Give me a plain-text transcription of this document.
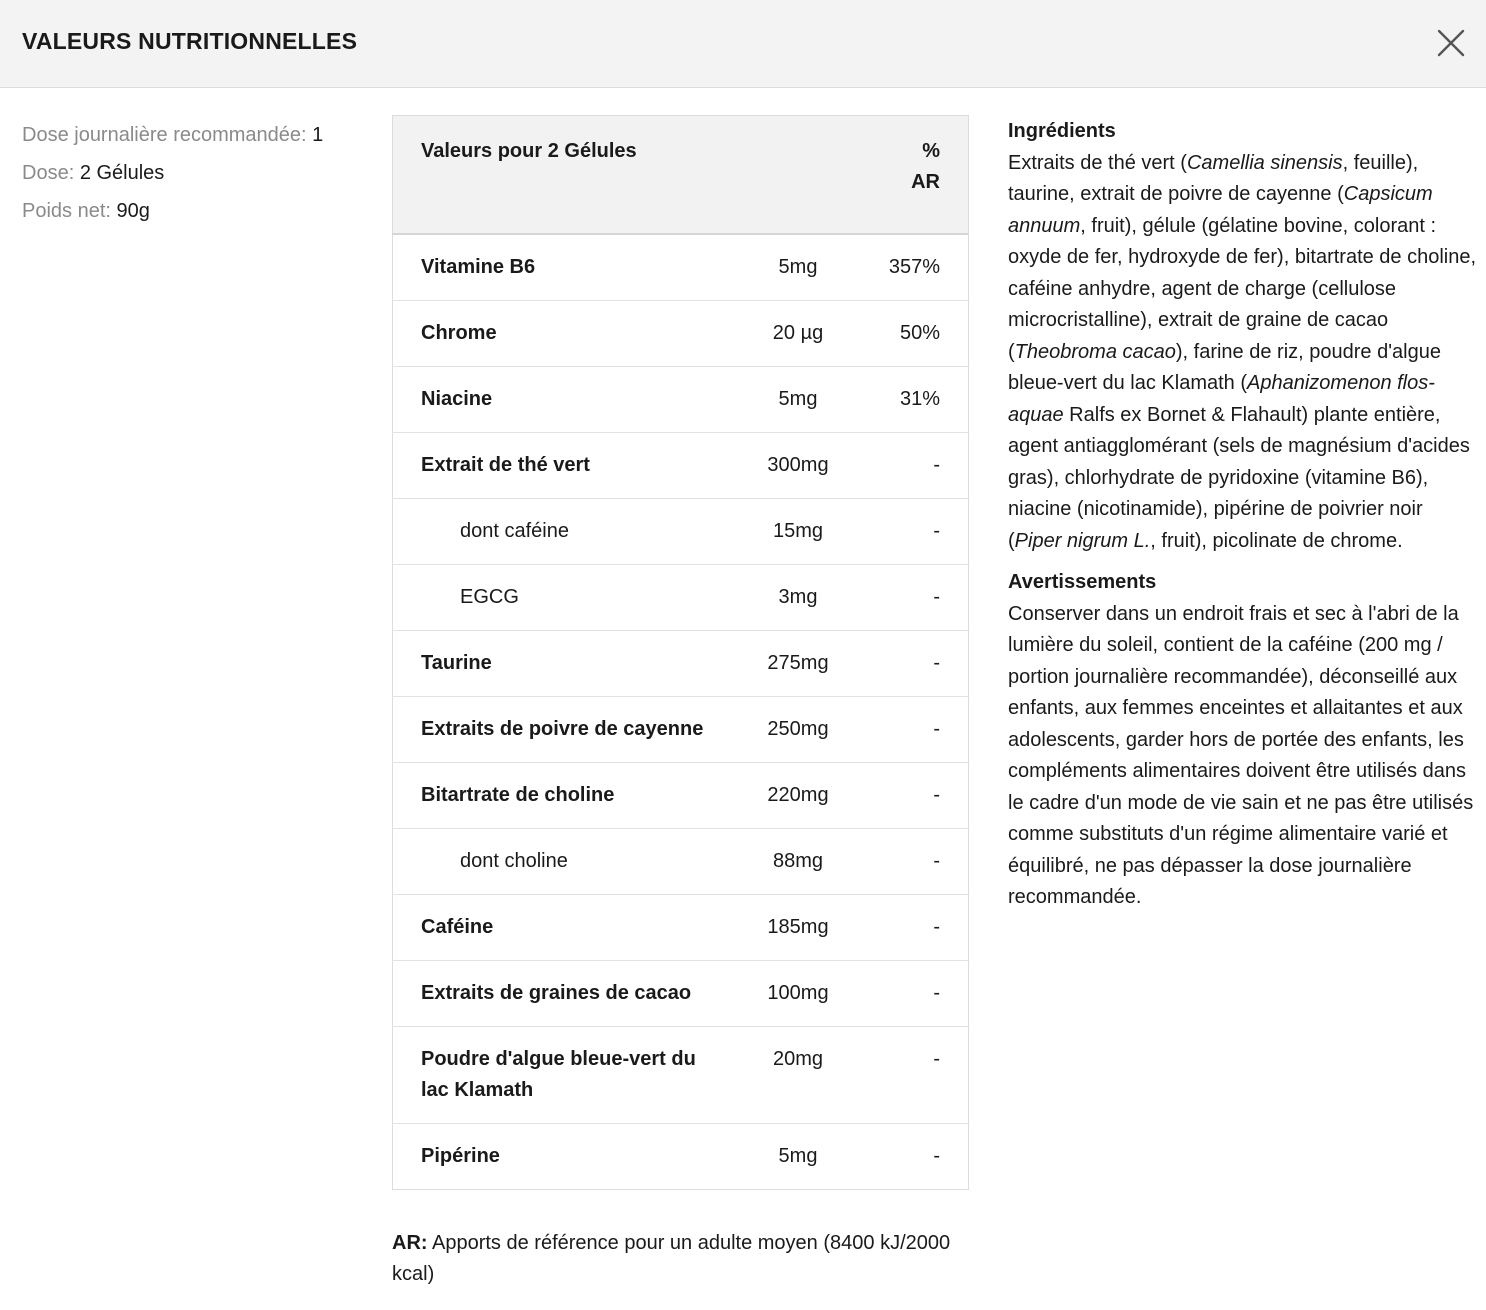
VALEURS NUTRITIONNELLES
Dose journalière recommandée: 1
Dose: 2 Gélules
Poids net: 90g
Valeurs pour 2 Gélules		%
AR
Vitamine B6	5mg	357%
Chrome	20 µg	50%
Niacine	5mg	31%
Extrait de thé vert	300mg	-
dont caféine	15mg	-
EGCG	3mg	-
Taurine	275mg	-
Extraits de poivre de cayenne	250mg	-
Bitartrate de choline	220mg	-
dont choline	88mg	-
Caféine	185mg	-
Extraits de graines de cacao	100mg	-
Poudre d'algue bleue-vert du lac Klamath	20mg	-
Pipérine	5mg	-
AR: Apports de référence pour un adulte moyen (8400 kJ/2000 kcal)
Ingrédients

Extraits de thé vert (Camellia sinensis, feuille), taurine, extrait de poivre de cayenne (Capsicum annuum, fruit), gélule (gélatine bovine, colorant : oxyde de fer, hydroxyde de fer), bitartrate de choline, caféine anhydre, agent de charge (cellulose microcristalline), extrait de graine de cacao (Theobroma cacao), farine de riz, poudre d'algue bleue-vert du lac Klamath (Aphanizomenon flos-aquae Ralfs ex Bornet & Flahault) plante entière, agent antiagglomérant (sels de magnésium d'acides gras), chlorhydrate de pyridoxine (vitamine B6), niacine (nicotinamide), pipérine de poivrier noir (Piper nigrum L., fruit), picolinate de chrome.

Avertissements

Conserver dans un endroit frais et sec à l'abri de la lumière du soleil, contient de la caféine (200 mg / portion journalière recommandée), déconseillé aux enfants, aux femmes enceintes et allaitantes et aux adolescents, garder hors de portée des enfants, les compléments alimentaires doivent être utilisés dans le cadre d'un mode de vie sain et ne pas être utilisés comme substituts d'un régime alimentaire varié et équilibré, ne pas dépasser la dose journalière recommandée.
